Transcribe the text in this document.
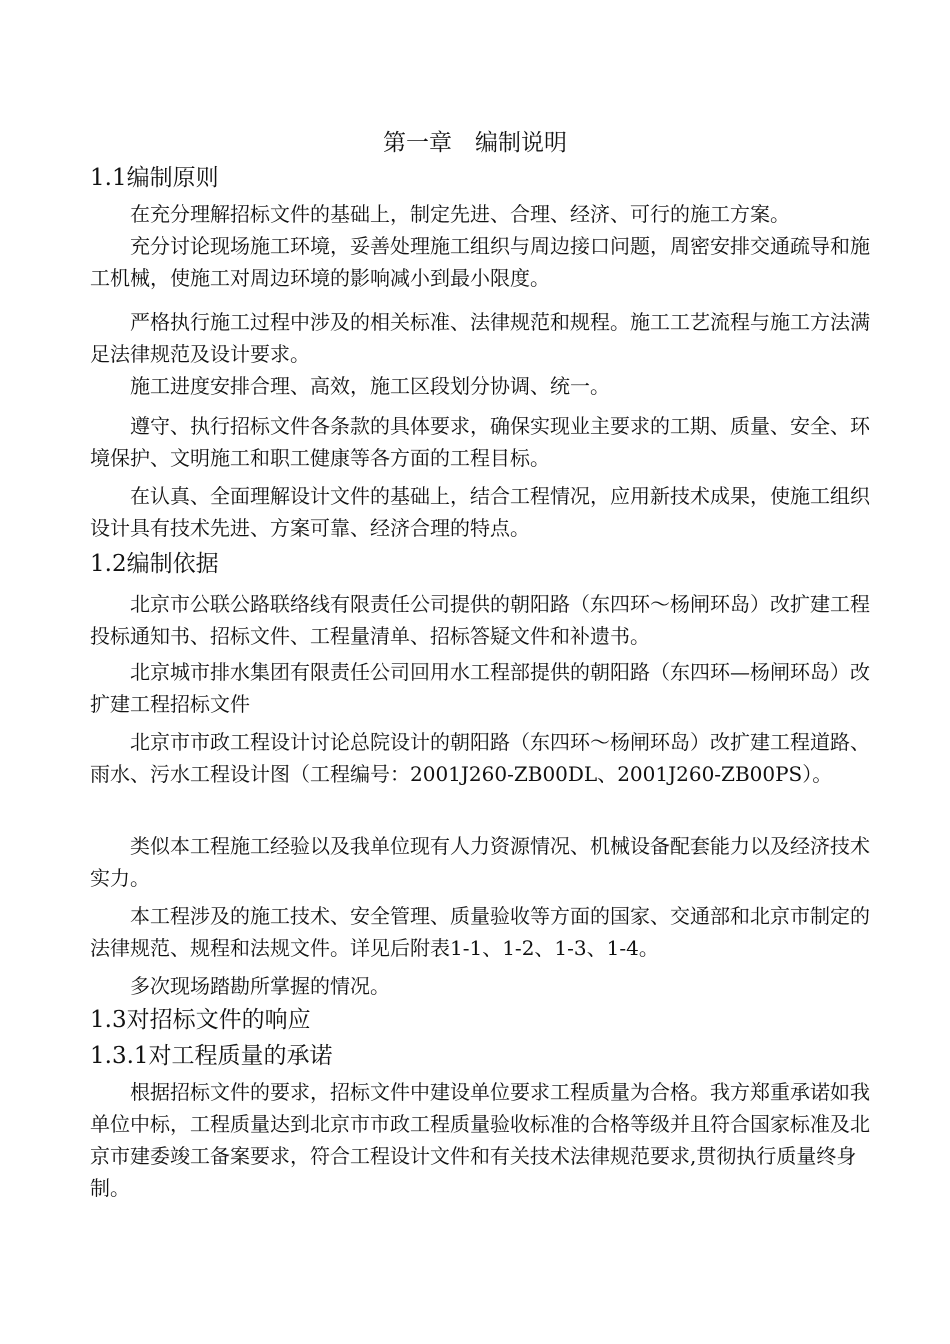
第一章　编制说明
1.1编制原则
在充分理解招标文件的基础上，制定先进、合理、经济、可行的施工方案。
充分讨论现场施工环境，妥善处理施工组织与周边接口问题，周密安排交通疏导和施工机械，使施工对周边环境的影响减小到最小限度。
严格执行施工过程中涉及的相关标准、法律规范和规程。施工工艺流程与施工方法满足法律规范及设计要求。
施工进度安排合理、高效，施工区段划分协调、统一。
遵守、执行招标文件各条款的具体要求，确保实现业主要求的工期、质量、安全、环境保护、文明施工和职工健康等各方面的工程目标。
在认真、全面理解设计文件的基础上，结合工程情况，应用新技术成果，使施工组织设计具有技术先进、方案可靠、经济合理的特点。
1.2编制依据
北京市公联公路联络线有限责任公司提供的朝阳路（东四环～杨闸环岛）改扩建工程投标通知书、招标文件、工程量清单、招标答疑文件和补遗书。
北京城市排水集团有限责任公司回用水工程部提供的朝阳路（东四环—杨闸环岛）改扩建工程招标文件
北京市市政工程设计讨论总院设计的朝阳路（东四环～杨闸环岛）改扩建工程道路、雨水、污水工程设计图（工程编号：2001J260-ZB00DL、2001J260-ZB00PS）。
类似本工程施工经验以及我单位现有人力资源情况、机械设备配套能力以及经济技术实力。
本工程涉及的施工技术、安全管理、质量验收等方面的国家、交通部和北京市制定的法律规范、规程和法规文件。详见后附表1-1、1-2、1-3、1-4。
多次现场踏勘所掌握的情况。
1.3对招标文件的响应
1.3.1对工程质量的承诺
根据招标文件的要求，招标文件中建设单位要求工程质量为合格。我方郑重承诺如我单位中标，工程质量达到北京市市政工程质量验收标准的合格等级并且符合国家标准及北京市建委竣工备案要求，符合工程设计文件和有关技术法律规范要求,贯彻执行质量终身制。
